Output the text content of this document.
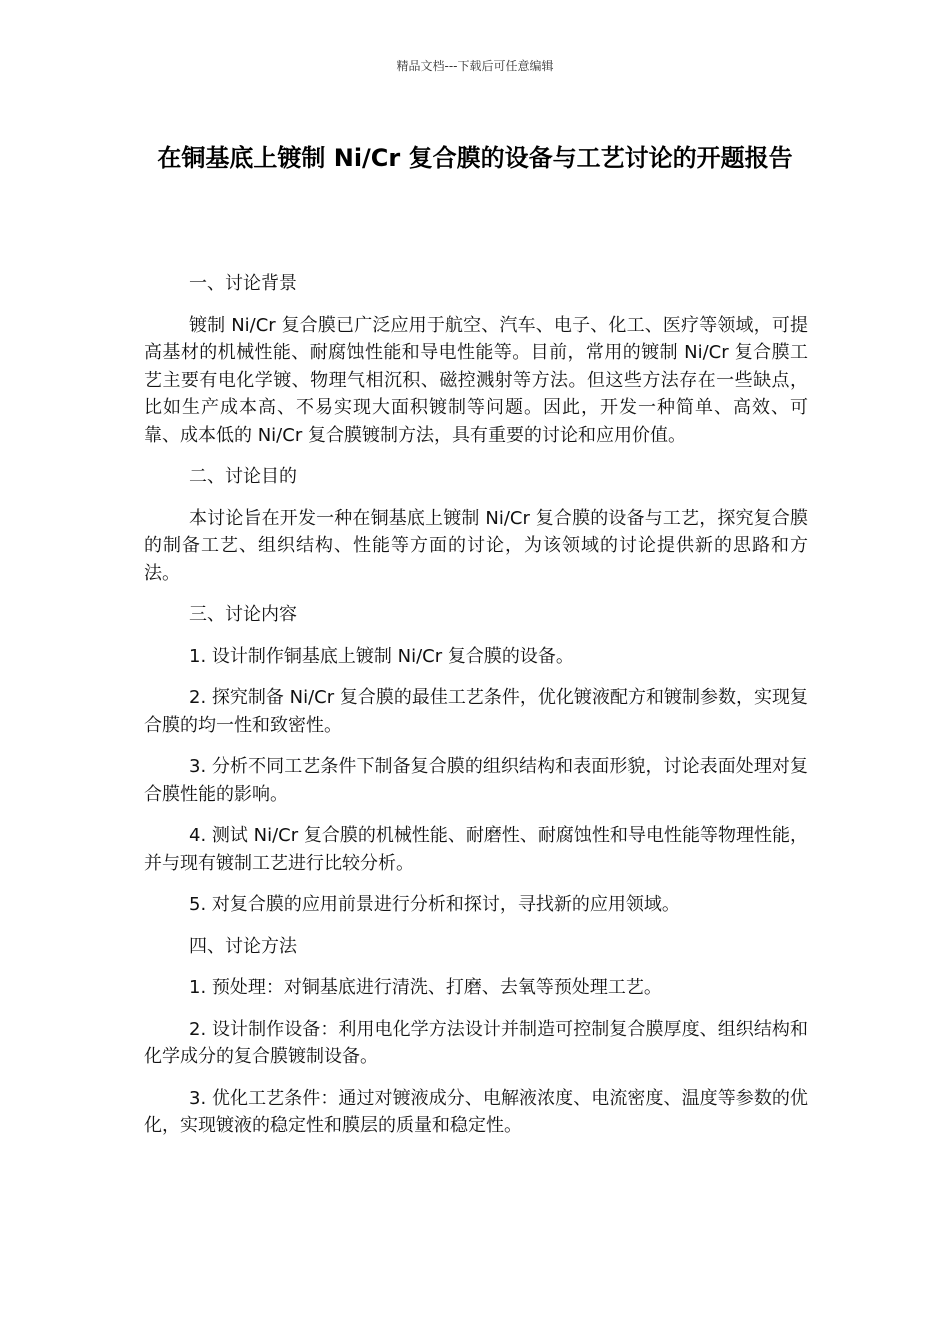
精品文档---下载后可任意编辑
在铜基底上镀制 Ni/Cr 复合膜的设备与工艺讨论的开题报告

一、讨论背景

镀制 Ni/Cr 复合膜已广泛应用于航空、汽车、电子、化工、医疗等领域，可提高基材的机械性能、耐腐蚀性能和导电性能等。目前，常用的镀制 Ni/Cr 复合膜工艺主要有电化学镀、物理气相沉积、磁控溅射等方法。但这些方法存在一些缺点，比如生产成本高、不易实现大面积镀制等问题。因此，开发一种简单、高效、可靠、成本低的 Ni/Cr 复合膜镀制方法，具有重要的讨论和应用价值。

二、讨论目的

本讨论旨在开发一种在铜基底上镀制 Ni/Cr 复合膜的设备与工艺，探究复合膜的制备工艺、组织结构、性能等方面的讨论，为该领域的讨论提供新的思路和方法。

三、讨论内容

1. 设计制作铜基底上镀制 Ni/Cr 复合膜的设备。

2. 探究制备 Ni/Cr 复合膜的最佳工艺条件，优化镀液配方和镀制参数，实现复合膜的均一性和致密性。

3. 分析不同工艺条件下制备复合膜的组织结构和表面形貌，讨论表面处理对复合膜性能的影响。

4. 测试 Ni/Cr 复合膜的机械性能、耐磨性、耐腐蚀性和导电性能等物理性能，并与现有镀制工艺进行比较分析。

5. 对复合膜的应用前景进行分析和探讨，寻找新的应用领域。

四、讨论方法

1. 预处理：对铜基底进行清洗、打磨、去氧等预处理工艺。

2. 设计制作设备：利用电化学方法设计并制造可控制复合膜厚度、组织结构和化学成分的复合膜镀制设备。

3. 优化工艺条件：通过对镀液成分、电解液浓度、电流密度、温度等参数的优化，实现镀液的稳定性和膜层的质量和稳定性。
